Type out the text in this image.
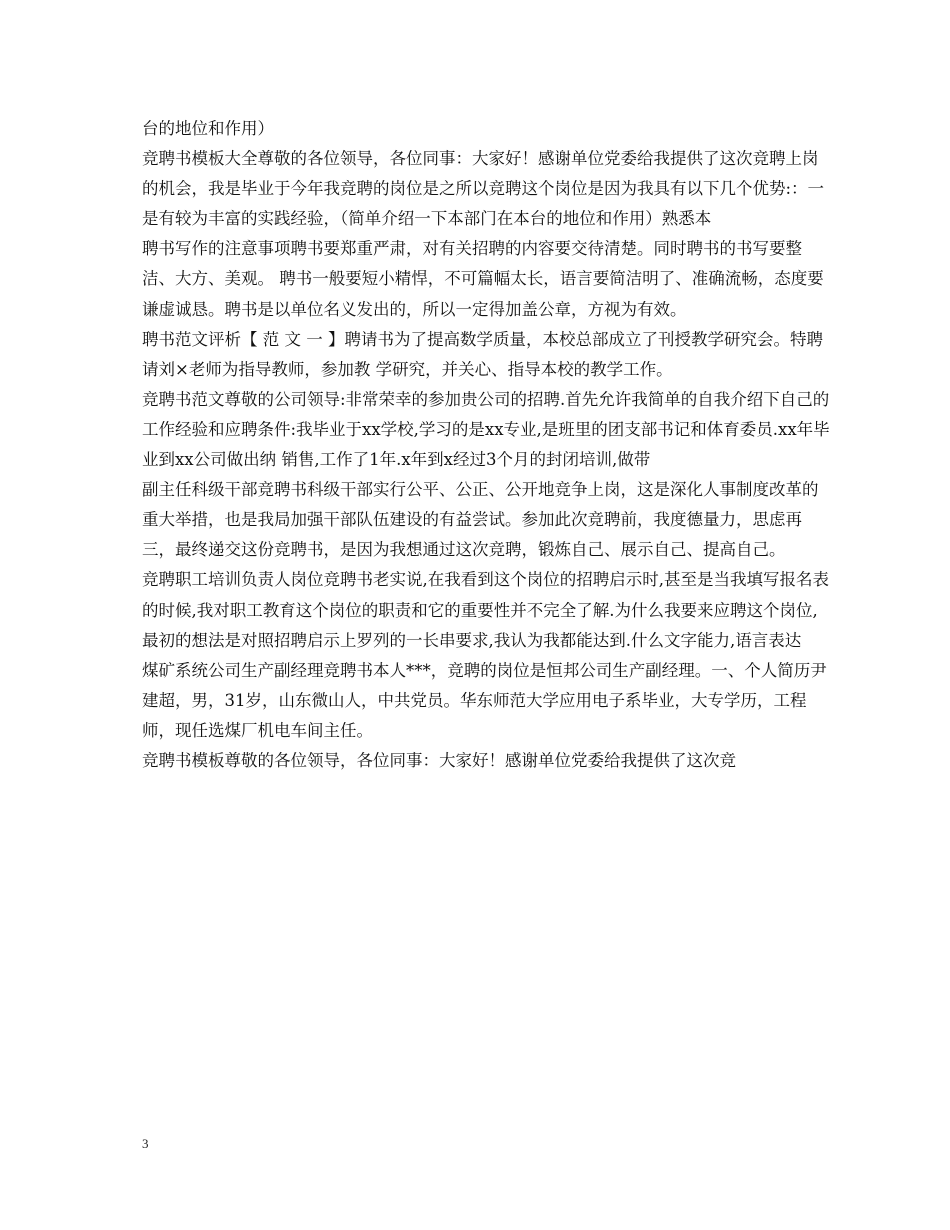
台的地位和作用）

竞聘书模板大全尊敬的各位领导，各位同事：大家好！感谢单位党委给我提供了这次竞聘上岗的机会，我是毕业于今年我竞聘的岗位是之所以竞聘这个岗位是因为我具有以下几个优势:：一是有较为丰富的实践经验，（简单介绍一下本部门在本台的地位和作用）熟悉本

聘书写作的注意事项聘书要郑重严肃，对有关招聘的内容要交待清楚。同时聘书的书写要整洁、大方、美观。 聘书一般要短小精悍，不可篇幅太长，语言要简洁明了、准确流畅，态度要谦虚诚恳。聘书是以单位名义发出的，所以一定得加盖公章，方视为有效。

聘书范文评析【 范 文 一 】聘请书为了提高数学质量，本校总部成立了刊授教学研究会。特聘请刘×老师为指导教师，参加教 学研究，并关心、指导本校的教学工作。

竞聘书范文尊敬的公司领导:非常荣幸的参加贵公司的招聘.首先允许我简单的自我介绍下自己的工作经验和应聘条件:我毕业于xx学校,学习的是xx专业,是班里的团支部书记和体育委员.xx年毕业到xx公司做出纳 销售,工作了1年.x年到x经过3个月的封闭培训,做带

副主任科级干部竞聘书科级干部实行公平、公正、公开地竞争上岗，这是深化人事制度改革的重大举措，也是我局加强干部队伍建设的有益尝试。参加此次竞聘前，我度德量力，思虑再三，最终递交这份竞聘书，是因为我想通过这次竞聘，锻炼自己、展示自己、提高自己。

竞聘职工培训负责人岗位竞聘书老实说,在我看到这个岗位的招聘启示时,甚至是当我填写报名表的时候,我对职工教育这个岗位的职责和它的重要性并不完全了解.为什么我要来应聘这个岗位,最初的想法是对照招聘启示上罗列的一长串要求,我认为我都能达到.什么文字能力,语言表达

煤矿系统公司生产副经理竞聘书本人***，竞聘的岗位是恒邦公司生产副经理。一、个人简历尹建超，男，31岁，山东微山人，中共党员。华东师范大学应用电子系毕业，大专学历，工程师，现任选煤厂机电车间主任。

竞聘书模板尊敬的各位领导，各位同事：大家好！感谢单位党委给我提供了这次竞

3
